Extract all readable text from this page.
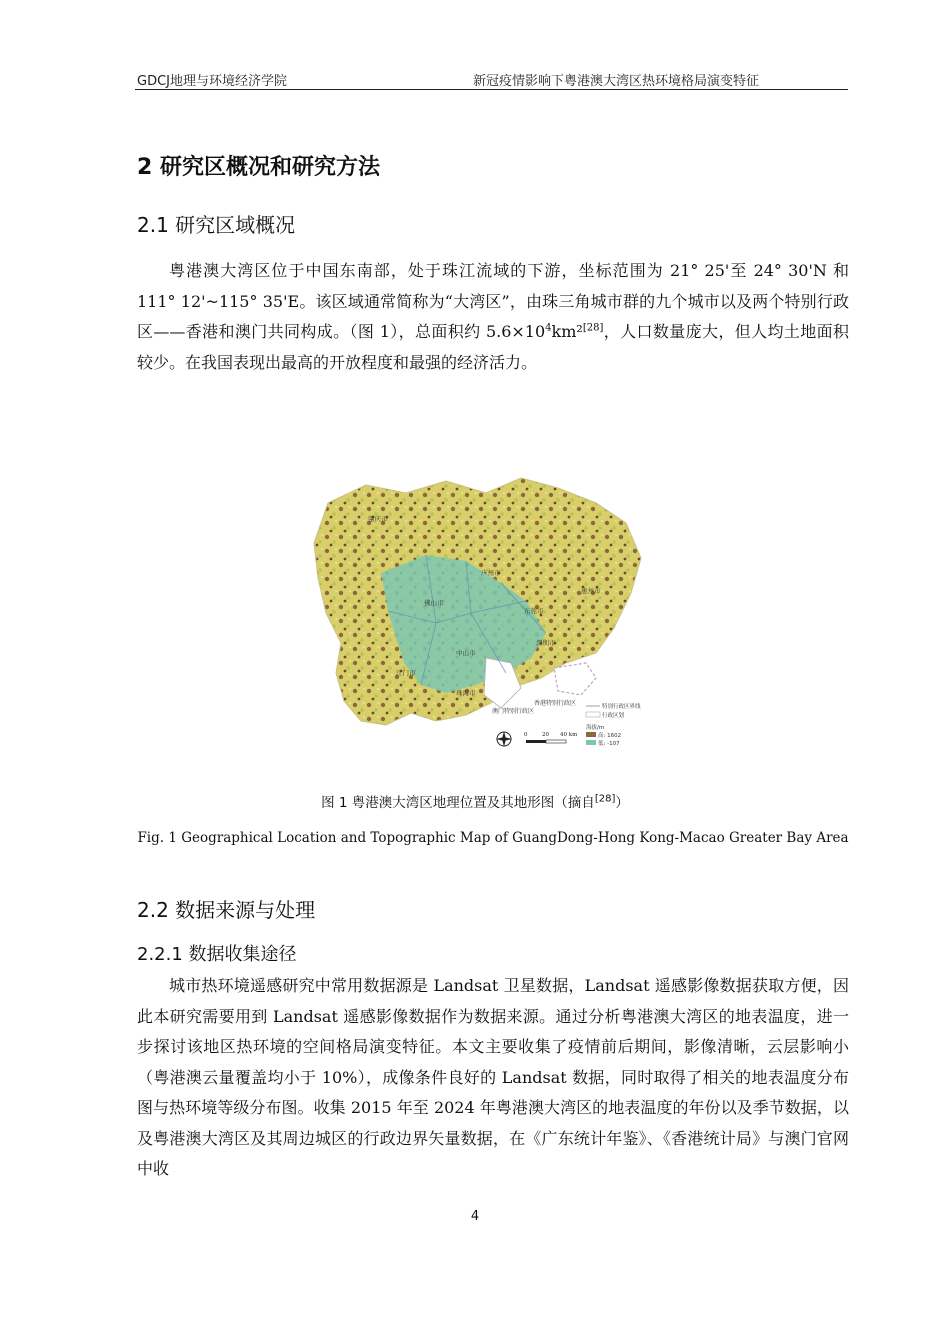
GDCJ地理与环境经济学院	新冠疫情影响下粤港澳大湾区热环境格局演变特征
2 研究区概况和研究方法
2.1 研究区域概况

粤港澳大湾区位于中国东南部，处于珠江流域的下游，坐标范围为 21° 25'至 24° 30'N 和 111° 12'~115° 35'E。该区域通常简称为“大湾区”，由珠三角城市群的九个城市以及两个特别行政区——香港和澳门共同构成。（图 1），总面积约 $5.6\times 10^4km^2[28]$，人口数量庞大，但人均土地面积较少。在我国表现出最高的开放程度和最强的经济活力。

肇庆市
广州市
惠州市
佛山市
东莞市
深圳市
中山市
江门市
珠海市
香港特别行政区
澳门特别行政区
0	20 40 km
特别行政区界线
行政区划
海拔/m
高: 1602
低: -107
图 1 粤港澳大湾区地理位置及其地形图（摘自[28]）
Fig. 1 Geographical Location and Topographic Map of GuangDong-Hong Kong-Macao Greater Bay Area
2.2 数据来源与处理
2.2.1 数据收集途径

城市热环境遥感研究中常用数据源是 Landsat 卫星数据，Landsat 遥感影像数据获取方便，因此本研究需要用到 Landsat 遥感影像数据作为数据来源。通过分析粤港澳大湾区的地表温度，进一步探讨该地区热环境的空间格局演变特征。本文主要收集了疫情前后期间，影像清晰，云层影响小（粤港澳云量覆盖均小于 10%），成像条件良好的 Landsat 数据，同时取得了相关的地表温度分布图与热环境等级分布图。收集 2015 年至 2024 年粤港澳大湾区的地表温度的年份以及季节数据，以及粤港澳大湾区及其周边城区的行政边界矢量数据，在《广东统计年鉴》、《香港统计局》与澳门官网中收

4
